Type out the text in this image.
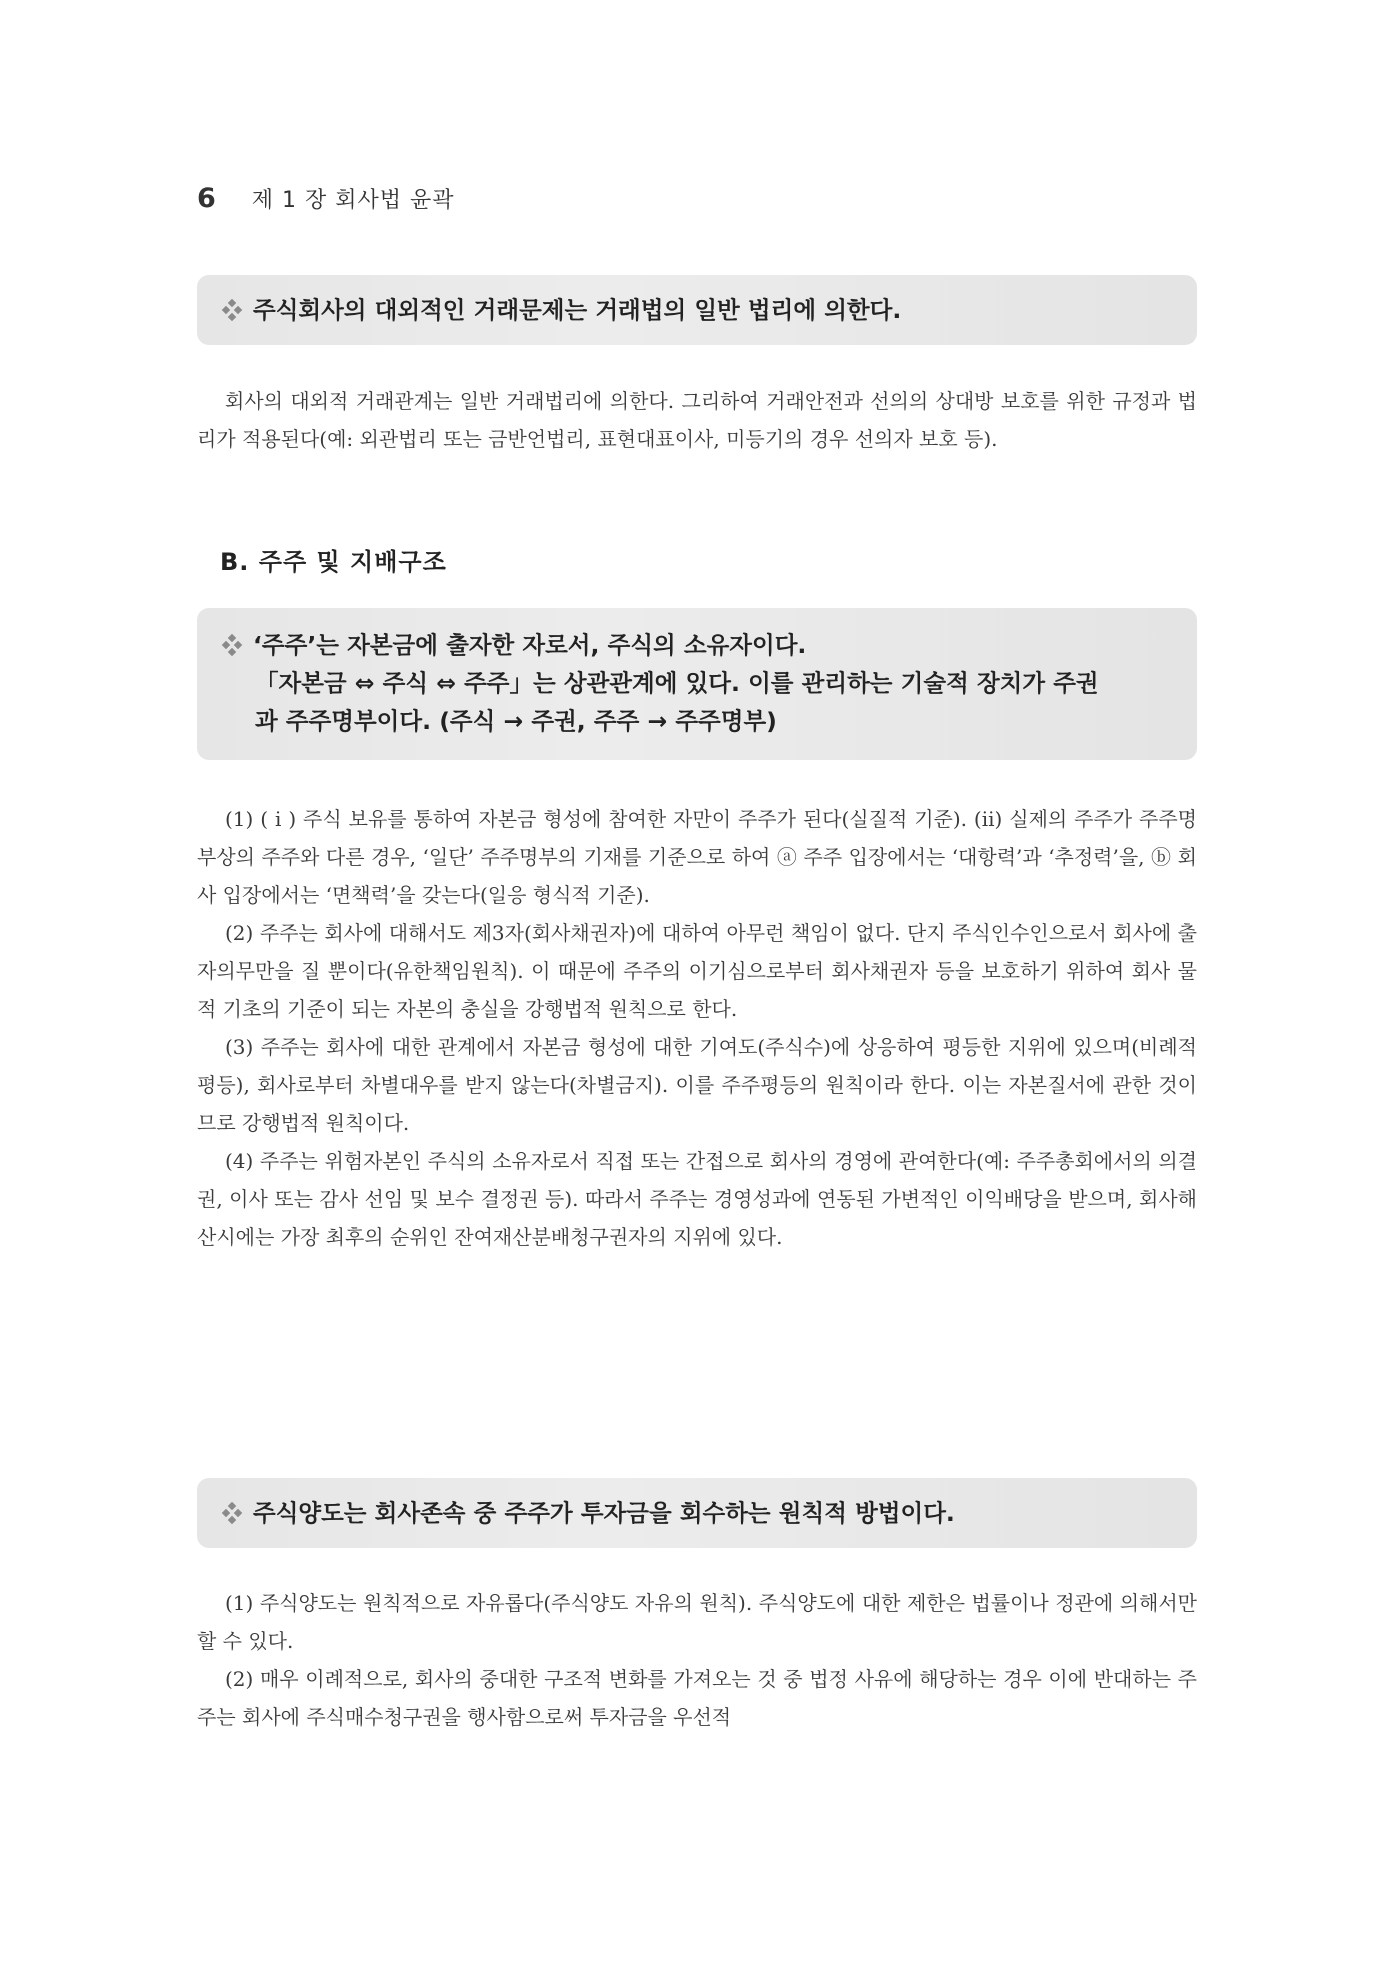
6 제 1 장 회사법 윤곽
주식회사의 대외적인 거래문제는 거래법의 일반 법리에 의한다.

회사의 대외적 거래관계는 일반 거래법리에 의한다. 그리하여 거래안전과 선의의 상대방 보호를 위한 규정과 법리가 적용된다(예: 외관법리 또는 금반언법리, 표현대표이사, 미등기의 경우 선의자 보호 등).

B. 주주 및 지배구조
‘주주’는 자본금에 출자한 자로서, 주식의 소유자이다.
「자본금 ⇔ 주식 ⇔ 주주」는 상관관계에 있다. 이를 관리하는 기술적 장치가 주권
과 주주명부이다. (주식 → 주권, 주주 → 주주명부)
(1) ( i ) 주식 보유를 통하여 자본금 형성에 참여한 자만이 주주가 된다(실질적 기준). (ii) 실제의 주주가 주주명부상의 주주와 다른 경우, ‘일단’ 주주명부의 기재를 기준으로 하여 ⓐ 주주 입장에서는 ‘대항력’과 ‘추정력’을, ⓑ 회사 입장에서는 ‘면책력’을 갖는다(일응 형식적 기준).
(2) 주주는 회사에 대해서도 제3자(회사채권자)에 대하여 아무런 책임이 없다. 단지 주식인수인으로서 회사에 출자의무만을 질 뿐이다(유한책임원칙). 이 때문에 주주의 이기심으로부터 회사채권자 등을 보호하기 위하여 회사 물적 기초의 기준이 되는 자본의 충실을 강행법적 원칙으로 한다.
(3) 주주는 회사에 대한 관계에서 자본금 형성에 대한 기여도(주식수)에 상응하여 평등한 지위에 있으며(비례적 평등), 회사로부터 차별대우를 받지 않는다(차별금지). 이를 주주평등의 원칙이라 한다. 이는 자본질서에 관한 것이므로 강행법적 원칙이다.
(4) 주주는 위험자본인 주식의 소유자로서 직접 또는 간접으로 회사의 경영에 관여한다(예: 주주총회에서의 의결권, 이사 또는 감사 선임 및 보수 결정권 등). 따라서 주주는 경영성과에 연동된 가변적인 이익배당을 받으며, 회사해산시에는 가장 최후의 순위인 잔여재산분배청구권자의 지위에 있다.
주식양도는 회사존속 중 주주가 투자금을 회수하는 원칙적 방법이다.
(1) 주식양도는 원칙적으로 자유롭다(주식양도 자유의 원칙). 주식양도에 대한 제한은 법률이나 정관에 의해서만 할 수 있다.
(2) 매우 이례적으로, 회사의 중대한 구조적 변화를 가져오는 것 중 법정 사유에 해당하는 경우 이에 반대하는 주주는 회사에 주식매수청구권을 행사함으로써 투자금을 우선적
